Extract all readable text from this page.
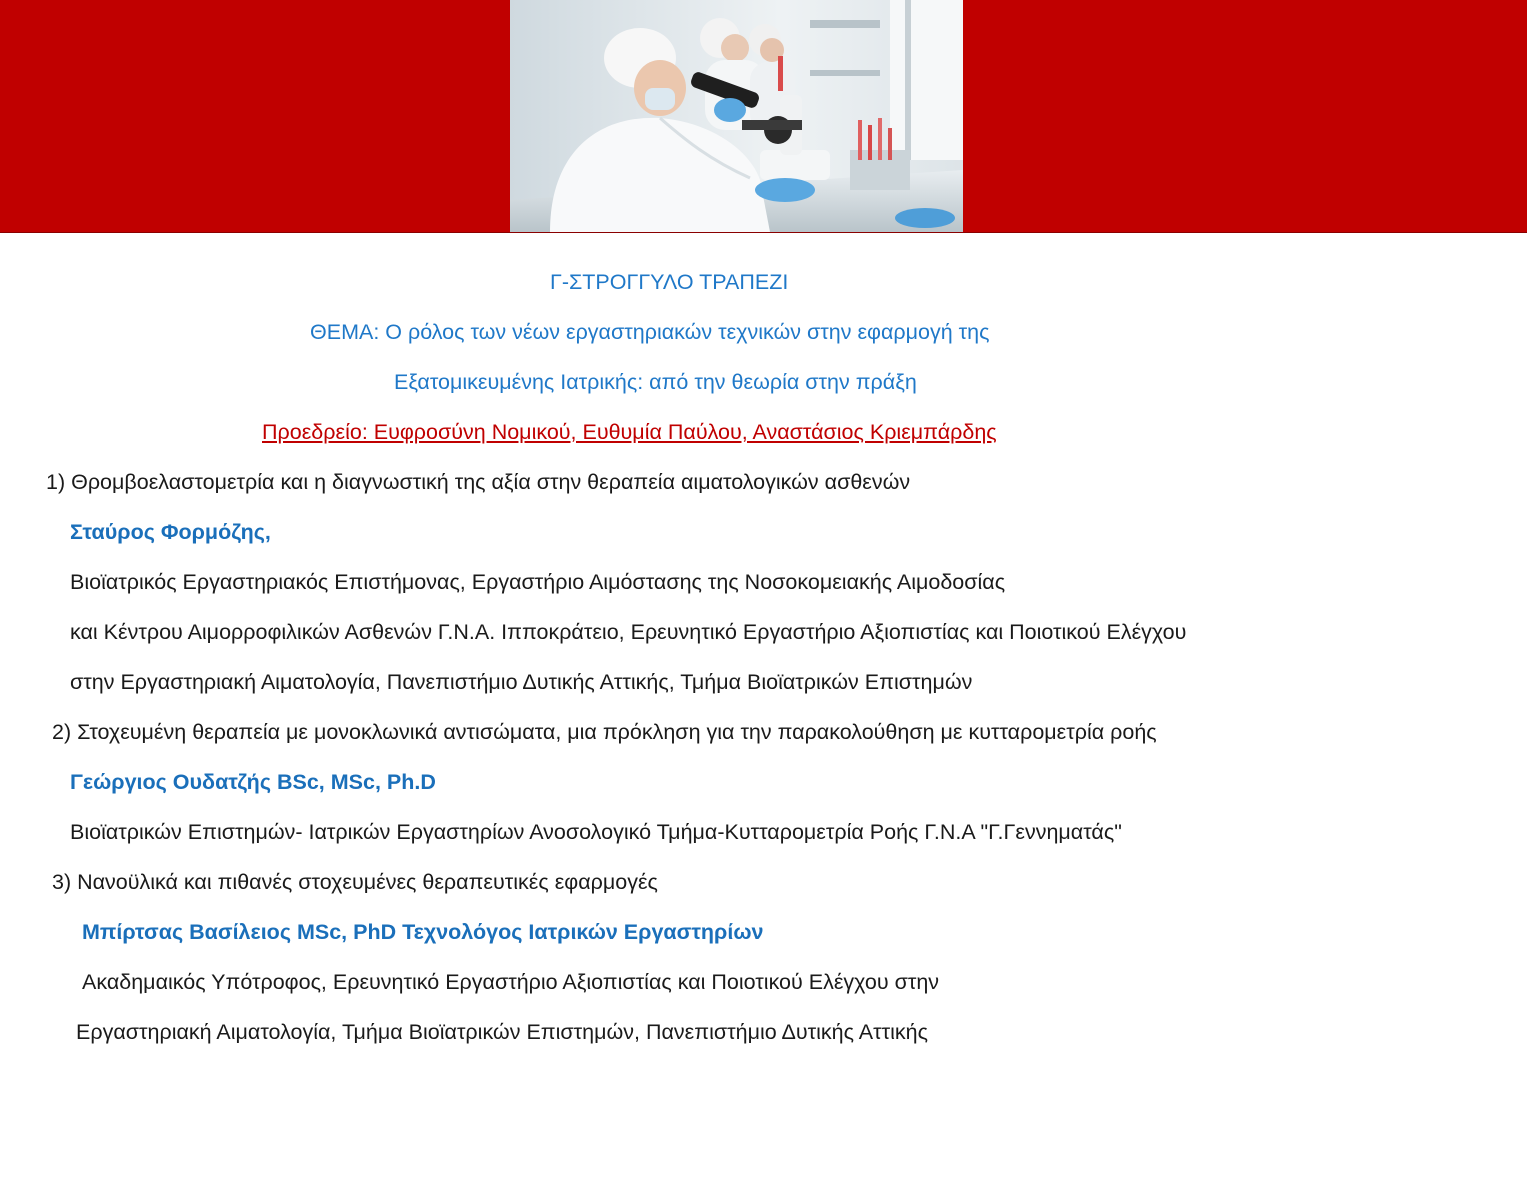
Γ-ΣΤΡΟΓΓΥΛΟ ΤΡΑΠΕΖΙ
ΘΕΜΑ: Ο ρόλος των νέων εργαστηριακών τεχνικών στην εφαρμογή της
Εξατομικευμένης Ιατρικής: από την θεωρία στην πράξη
Προεδρείο: Ευφροσύνη Νομικού, Ευθυμία Παύλου, Αναστάσιος Κριεμπάρδης
1) Θρομβοελαστομετρία και η διαγνωστική της αξία στην θεραπεία αιματολογικών ασθενών
Σταύρος Φορμόζης,
Βιοϊατρικός Εργαστηριακός Επιστήμονας, Εργαστήριο Αιμόστασης της Νοσοκομειακής Αιμοδοσίας
και Κέντρου Αιμορροφιλικών Ασθενών Γ.Ν.Α. Ιπποκράτειο, Ερευνητικό Εργαστήριο Αξιοπιστίας και Ποιοτικού Ελέγχου
στην Εργαστηριακή Αιματολογία, Πανεπιστήμιο Δυτικής Αττικής, Τμήμα Βιοϊατρικών Επιστημών
2) Στοχευμένη θεραπεία με μονοκλωνικά αντισώματα, μια πρόκληση για την παρακολούθηση με κυτταρομετρία ροής
Γεώργιος Ουδατζής BSc, MSc, Ph.D
Βιοϊατρικών Επιστημών- Ιατρικών Εργαστηρίων Ανοσολογικό Τμήμα-Κυτταρομετρία Ροής Γ.Ν.Α "Γ.Γεννηματάς"
3) Νανοϋλικά και πιθανές στοχευμένες θεραπευτικές εφαρμογές
Μπίρτσας Βασίλειος MSc, PhD Τεχνολόγος Ιατρικών Εργαστηρίων
Ακαδημαικός Υπότροφος, Ερευνητικό Εργαστήριο Αξιοπιστίας και Ποιοτικού Ελέγχου στην
Εργαστηριακή Αιματολογία, Τμήμα Βιοϊατρικών Επιστημών, Πανεπιστήμιο Δυτικής Αττικής
